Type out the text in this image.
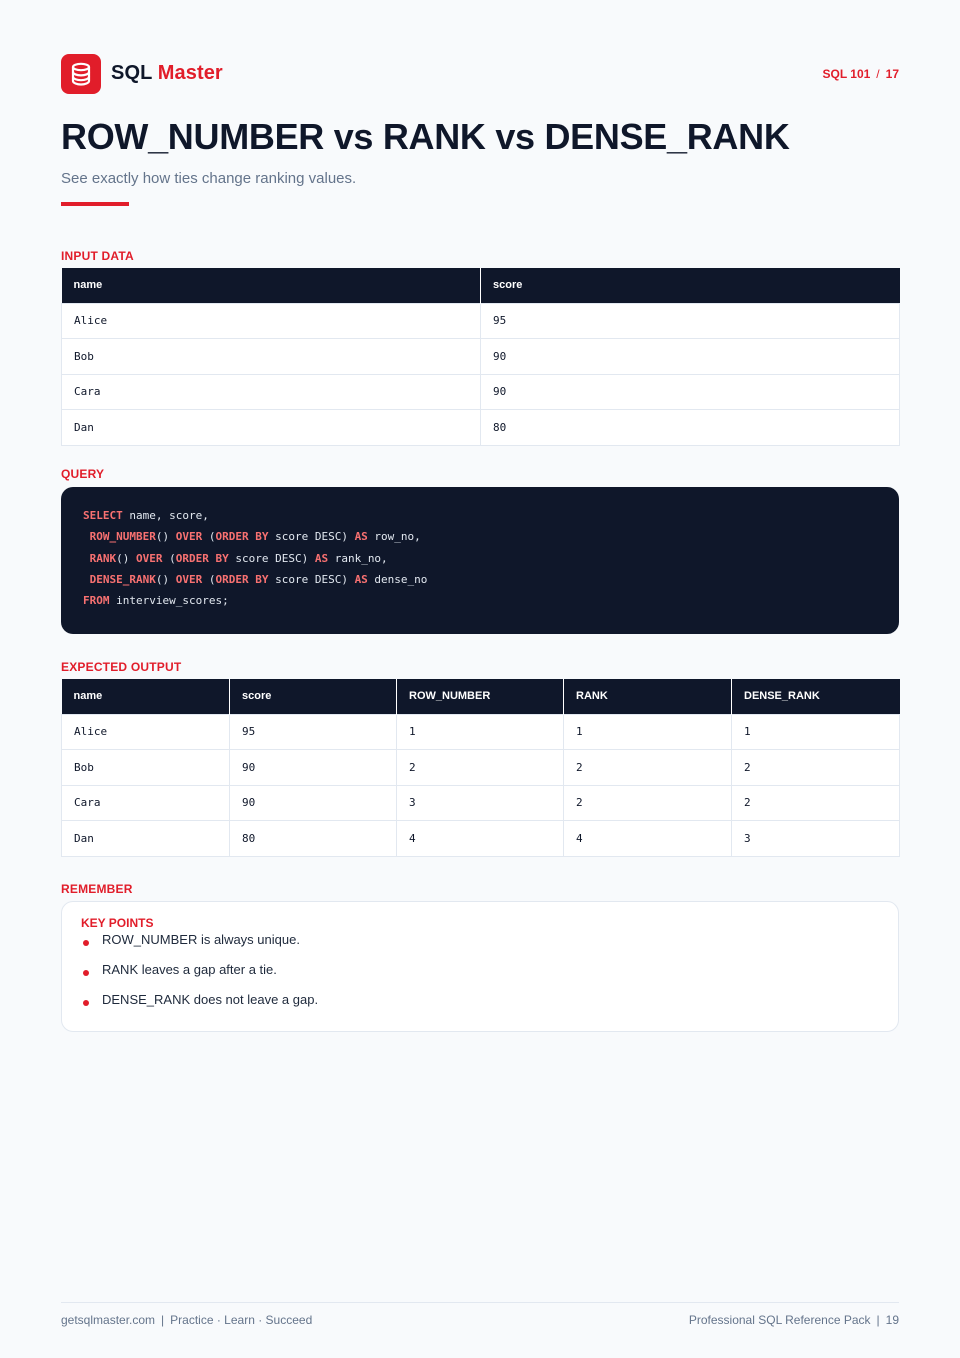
SQL Master	SQL 101 / 17
ROW_NUMBER vs RANK vs DENSE_RANK
See exactly how ties change ranking values.
INPUT DATA
name	score
Alice	95
Bob	90
Cara	90
Dan	80
QUERY
SELECT name, score,
ROW_NUMBER() OVER (ORDER BY score DESC) AS row_no,
RANK() OVER (ORDER BY score DESC) AS rank_no,
DENSE_RANK() OVER (ORDER BY score DESC) AS dense_no
FROM interview_scores;
EXPECTED OUTPUT
name	score	ROW_NUMBER	RANK	DENSE_RANK
Alice	95	1	1	1
Bob	90	2	2	2
Cara	90	3	2	2
Dan	80	4	4	3
REMEMBER
KEY POINTS
ROW_NUMBER is always unique.
RANK leaves a gap after a tie.
DENSE_RANK does not leave a gap.
getsqlmaster.com | Practice · Learn · Succeed	Professional SQL Reference Pack | 19
